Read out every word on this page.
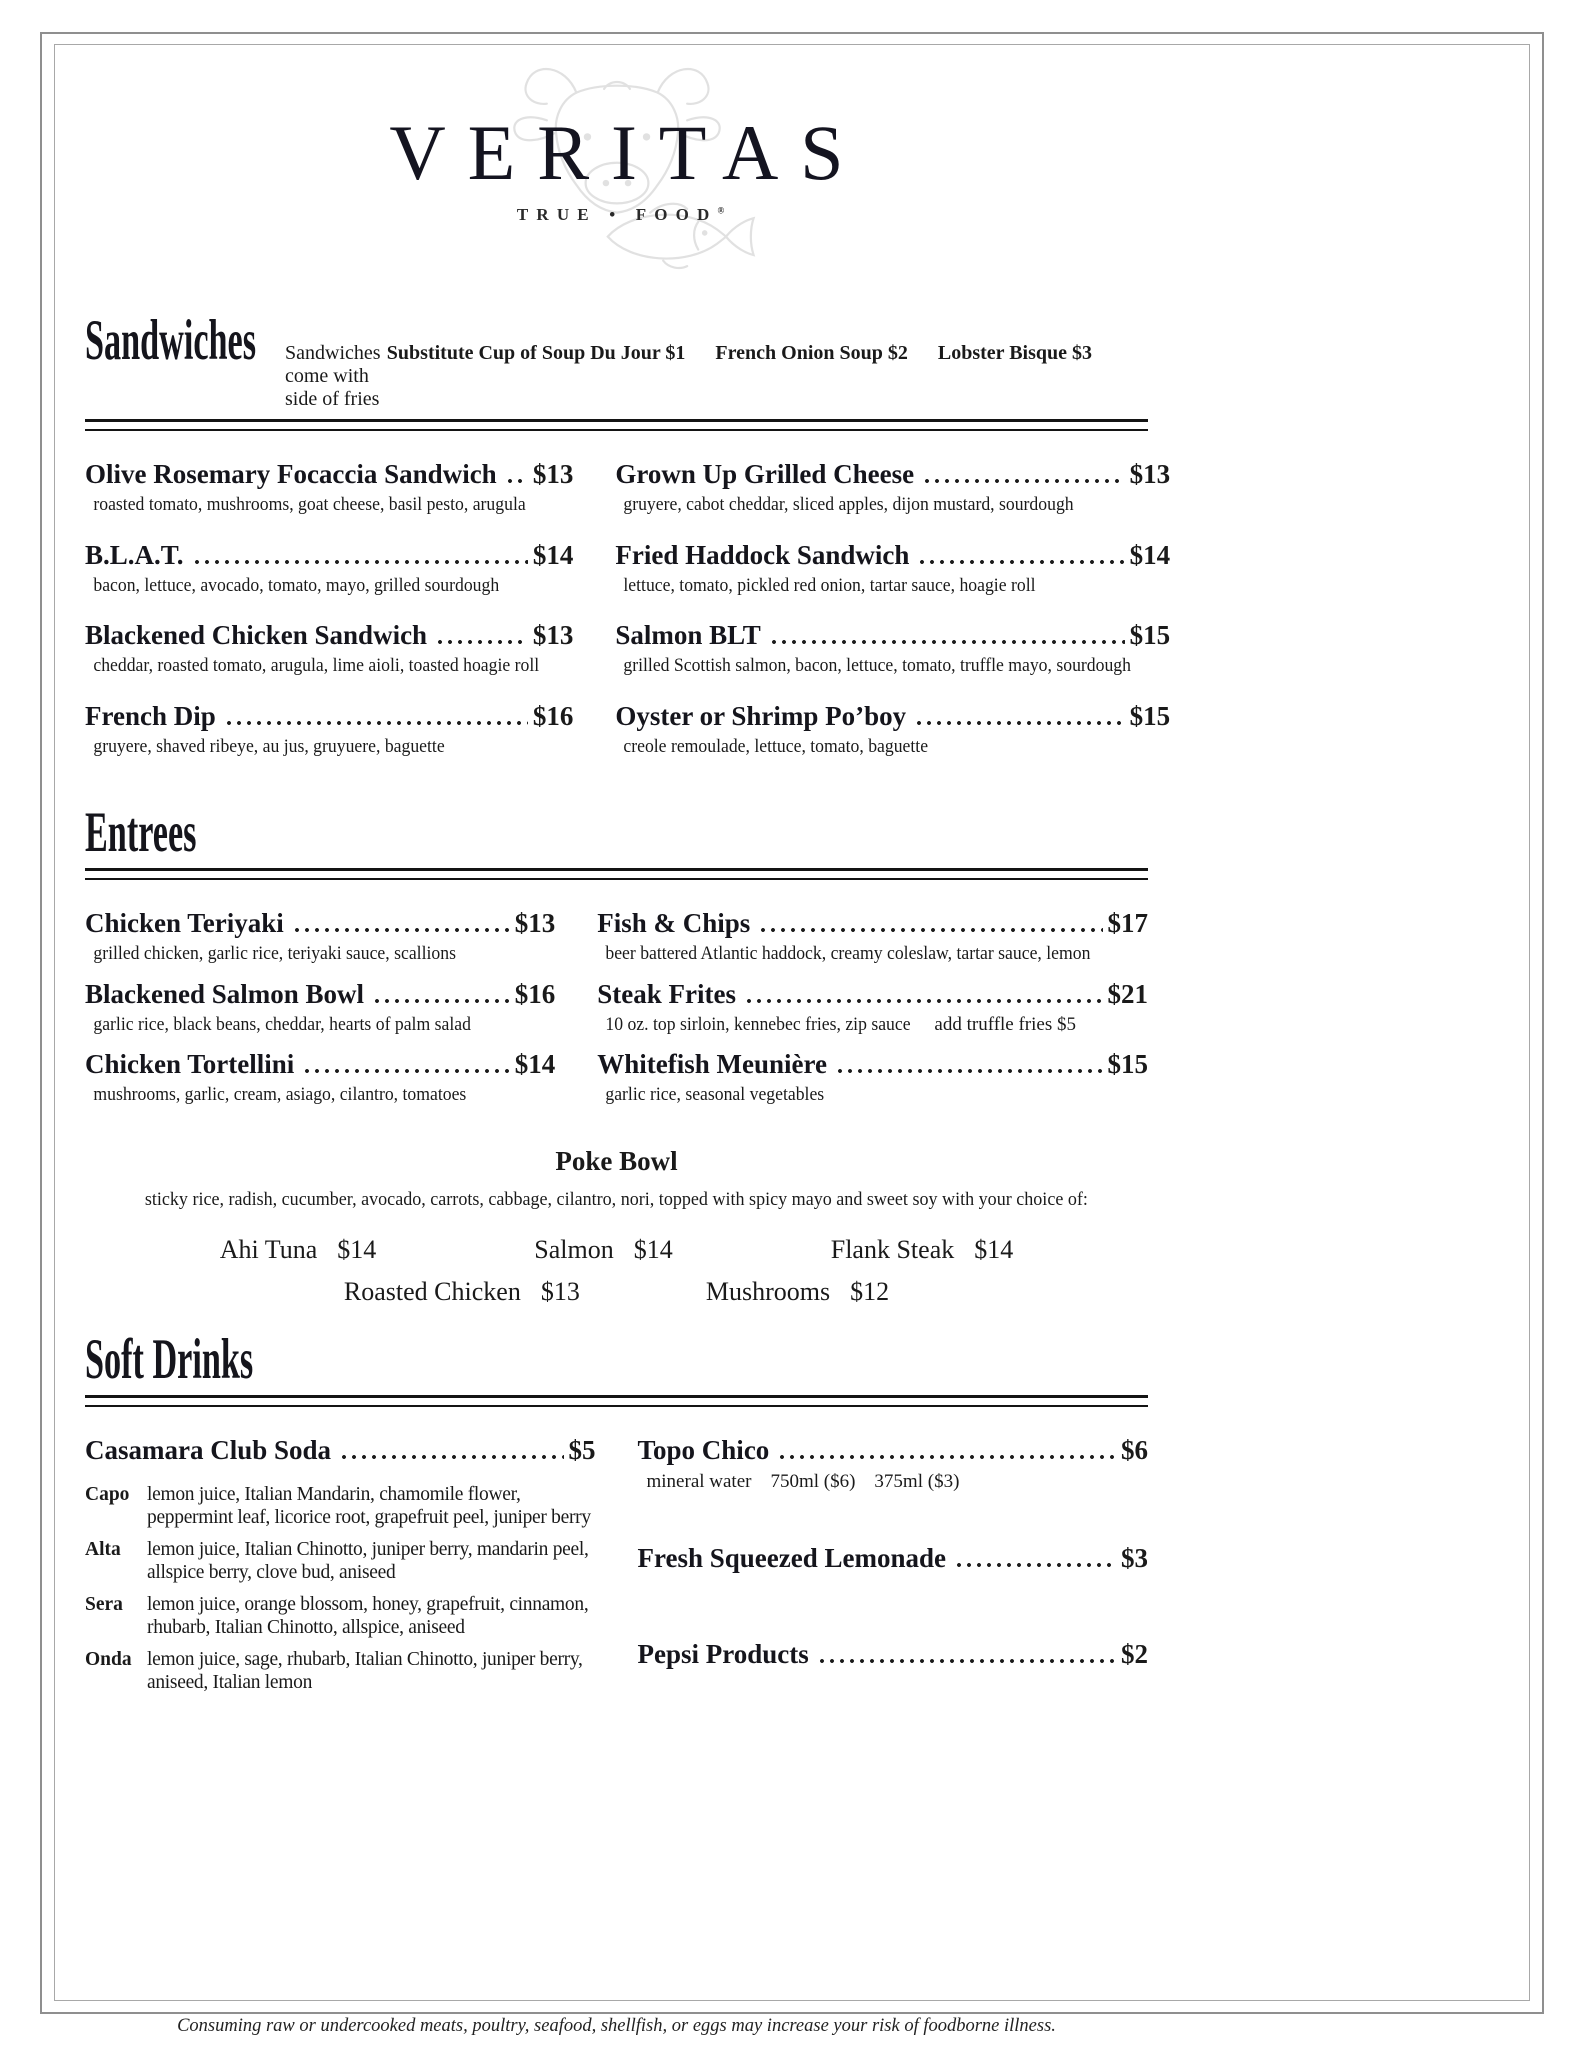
VERITAS
TRUE • FOOD®
Sandwiches	Sandwiches come with side of fries
Substitute Cup of Soup Du Jour $1 French Onion Soup $2 Lobster Bisque $3
Olive Rosemary Focaccia Sandwich $13
roasted tomato, mushrooms, goat cheese, basil pesto, arugula
B.L.A.T.	$14
bacon, lettuce, avocado, tomato, mayo, grilled sourdough
Blackened Chicken Sandwich	$13
cheddar, roasted tomato, arugula, lime aioli, toasted hoagie roll
French Dip	$16
gruyere, shaved ribeye, au jus, gruyuere, baguette
Grown Up Grilled Cheese	$13
gruyere, cabot cheddar, sliced apples, dijon mustard, sourdough
Fried Haddock Sandwich	$14
lettuce, tomato, pickled red onion, tartar sauce, hoagie roll
Salmon BLT	$15
grilled Scottish salmon, bacon, lettuce, tomato, truffle mayo, sourdough
Oyster or Shrimp Po’boy	$15
creole remoulade, lettuce, tomato, baguette
Entrees
Chicken Teriyaki	$13
grilled chicken, garlic rice, teriyaki sauce, scallions
Blackened Salmon Bowl	$16
garlic rice, black beans, cheddar, hearts of palm salad
Chicken Tortellini	$14
mushrooms, garlic, cream, asiago, cilantro, tomatoes
Fish & Chips	$17
beer battered Atlantic haddock, creamy coleslaw, tartar sauce, lemon
Steak Frites	$21
10 oz. top sirloin, kennebec fries, zip sauce add truffle fries $5
Whitefish Meunière	$15
garlic rice, seasonal vegetables
Poke Bowl
sticky rice, radish, cucumber, avocado, carrots, cabbage, cilantro, nori, topped with spicy mayo and sweet soy with your choice of:
Ahi Tuna $14	Salmon $14	Flank Steak $14
Roasted Chicken $13	Mushrooms $12
Soft Drinks
Casamara Club Soda	$5
Capo lemon juice, Italian Mandarin, chamomile flower, peppermint leaf, licorice root, grapefruit peel, juniper berry
Alta	lemon juice, Italian Chinotto, juniper berry, mandarin peel, allspice berry, clove bud, aniseed
Sera	lemon juice, orange blossom, honey, grapefruit, cinnamon, rhubarb, Italian Chinotto, allspice, aniseed
Onda lemon juice, sage, rhubarb, Italian Chinotto, juniper berry, aniseed, Italian lemon
Topo Chico	$6
mineral water    750ml ($6)    375ml ($3)
Fresh Squeezed Lemonade	$3
Pepsi Products	$2
Consuming raw or undercooked meats, poultry, seafood, shellfish, or eggs may increase your risk of foodborne illness.
